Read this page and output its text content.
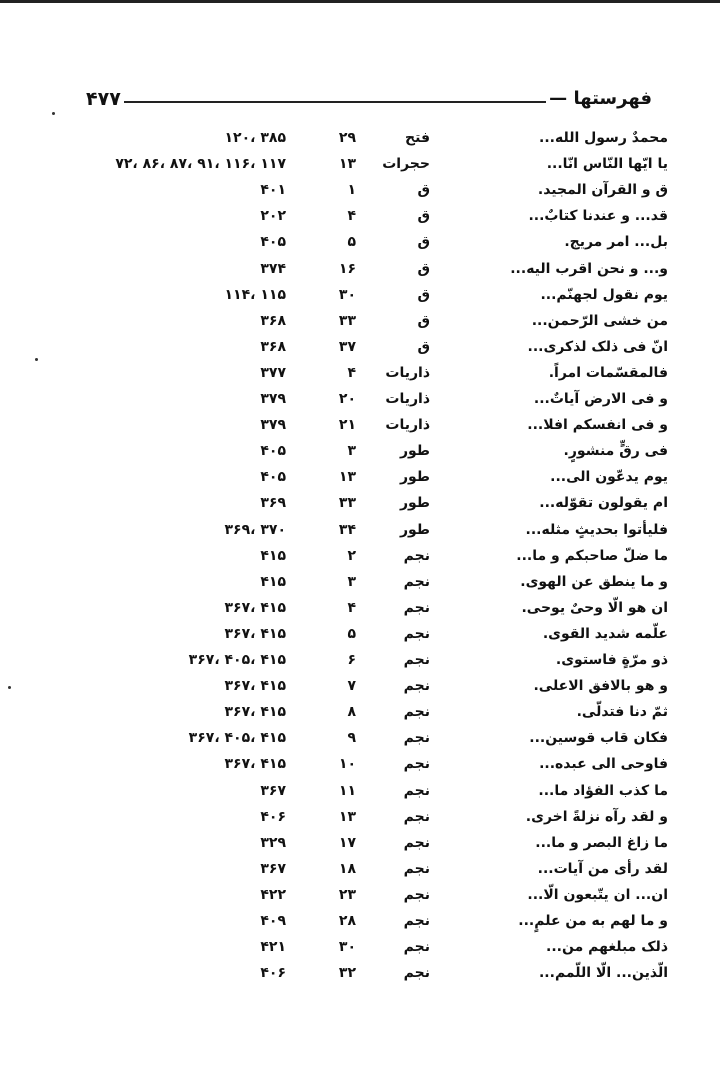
۴۷۷	فهرستها —
محمدٌ رسول الله...
فتح
۲۹
۳۸۵ ،۱۲۰
یا ایّها النّاس انّا...
حجرات
۱۳
۱۱۷ ،۱۱۶ ،۹۱ ،۸۷ ،۸۶ ،۷۲
ق و القرآن المجید.
ق
۱
۴۰۱
قد... و عندنا کتابٌ...
ق
۴
۲۰۲
بل... امر مریج.
ق
۵
۴۰۵
و... و نحن اقرب الیه...
ق
۱۶
۳۷۴
یوم نقول لجهنّم...
ق
۳۰
۱۱۵ ،۱۱۴
من خشی الرّحمن...
ق
۳۳
۳۶۸
انّ فی ذلک لذکری...
ق
۳۷
۳۶۸
فالمقسّمات امراً.
ذاریات
۴
۳۷۷
و فی الارض آیاتٌ...
ذاریات
۲۰
۳۷۹
و فی انفسکم افلا...
ذاریات
۲۱
۳۷۹
فی رقٍّ منشورٍ.
طور
۳
۴۰۵
یوم یدعّون الی...
طور
۱۳
۴۰۵
ام یقولون تقوّله...
طور
۳۳
۳۶۹
فلیأتوا بحدیثٍ مثله...
طور
۳۴
۳۷۰ ،۳۶۹
ما ضلّ صاحبکم و ما...
نجم
۲
۴۱۵
و ما ینطق عن الهوی.
نجم
۳
۴۱۵
ان هو الّا وحیٌ یوحی.
نجم
۴
۴۱۵ ،۳۶۷
علّمه شدید القوی.
نجم
۵
۴۱۵ ،۳۶۷
ذو مرّةٍ فاستوی.
نجم
۶
۴۱۵ ،۴۰۵ ،۳۶۷
و هو بالافق الاعلی.
نجم
۷
۴۱۵ ،۳۶۷
ثمّ دنا فتدلّی.
نجم
۸
۴۱۵ ،۳۶۷
فکان قاب قوسین...
نجم
۹
۴۱۵ ،۴۰۵ ،۳۶۷
فاوحی الی عبده...
نجم
۱۰
۴۱۵ ،۳۶۷
ما کذب الفؤاد ما...
نجم
۱۱
۳۶۷
و لقد رآه نزلةً اخری.
نجم
۱۳
۴۰۶
ما زاغ البصر و ما...
نجم
۱۷
۳۲۹
لقد رأی من آیات...
نجم
۱۸
۳۶۷
ان... ان یتّبعون الّا...
نجم
۲۳
۴۲۲
و ما لهم به من علمٍ...
نجم
۲۸
۴۰۹
ذلک مبلغهم من...
نجم
۳۰
۴۲۱
الّذین... الّا اللّمم...
نجم
۳۲
۴۰۶
